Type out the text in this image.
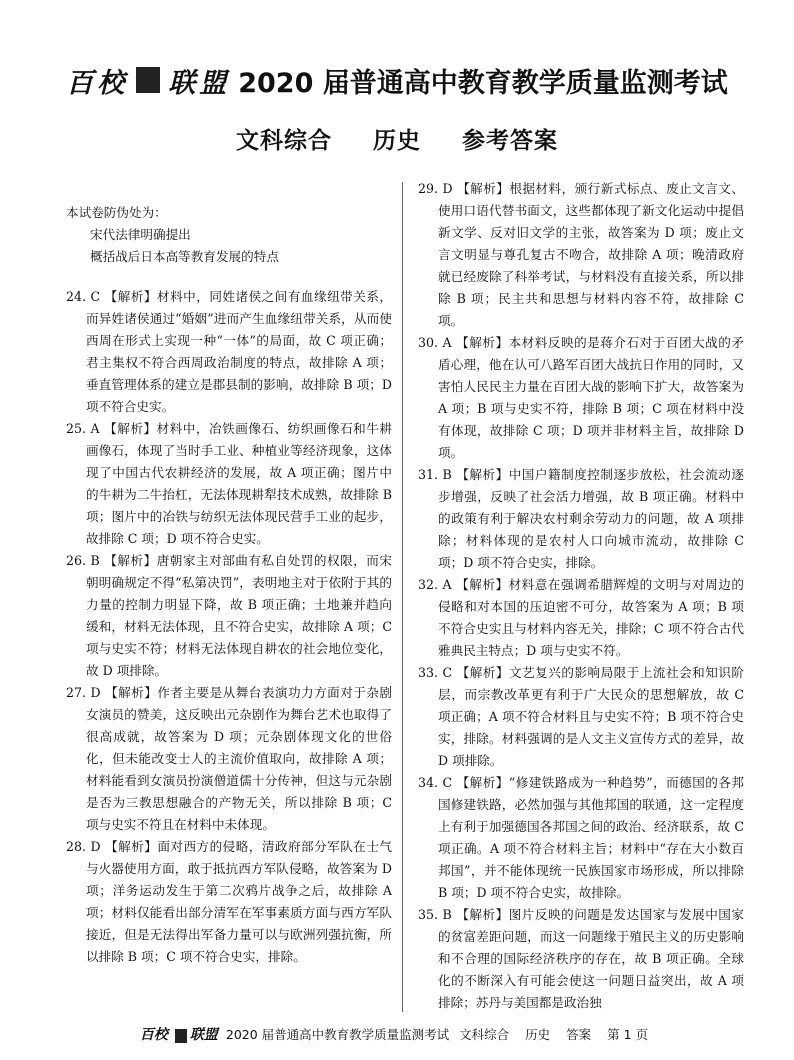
百校 联盟 2020 届普通高中教育教学质量监测考试
文科综合 历史 参考答案
本试卷防伪处为：
宋代法律明确提出
概括战后日本高等教育发展的特点
24. C 【解析】材料中，同姓诸侯之间有血缘纽带关系，而异姓诸侯通过“婚姻”进而产生血缘纽带关系，从而使西周在形式上实现一种“一体”的局面，故 C 项正确；君主集权不符合西周政治制度的特点，故排除 A 项；垂直管理体系的建立是郡县制的影响，故排除 B 项；D 项不符合史实。
25. A 【解析】材料中，冶铁画像石、纺织画像石和牛耕画像石，体现了当时手工业、种植业等经济现象，这体现了中国古代农耕经济的发展，故 A 项正确；图片中的牛耕为二牛抬杠，无法体现耕犁技术成熟，故排除 B 项；图片中的冶铁与纺织无法体现民营手工业的起步，故排除 C 项；D 项不符合史实。
26. B 【解析】唐朝家主对部曲有私自处罚的权限，而宋朝明确规定不得“私第决罚”，表明地主对于依附于其的力量的控制力明显下降，故 B 项正确；土地兼并趋向缓和，材料无法体现，且不符合史实，故排除 A 项；C 项与史实不符；材料无法体现自耕农的社会地位变化，故 D 项排除。
27. D 【解析】作者主要是从舞台表演功力方面对于杂剧女演员的赞美，这反映出元杂剧作为舞台艺术也取得了很高成就，故答案为 D 项；元杂剧体现文化的世俗化，但未能改变士人的主流价值取向，故排除 A 项；材料能看到女演员扮演僧道儒十分传神，但这与元杂剧是否为三教思想融合的产物无关，所以排除 B 项；C 项与史实不符且在材料中未体现。
28. D 【解析】面对西方的侵略，清政府部分军队在士气与火器使用方面，敢于抵抗西方军队侵略，故答案为 D 项；洋务运动发生于第二次鸦片战争之后，故排除 A 项；材料仅能看出部分清军在军事素质方面与西方军队接近，但是无法得出军备力量可以与欧洲列强抗衡，所以排除 B 项；C 项不符合史实，排除。
29. D 【解析】根据材料，颁行新式标点、废止文言文、使用口语代替书面文，这些都体现了新文化运动中提倡新文学、反对旧文学的主张，故答案为 D 项；废止文言文明显与尊孔复古不吻合，故排除 A 项；晚清政府就已经废除了科举考试，与材料没有直接关系，所以排除 B 项；民主共和思想与材料内容不符，故排除 C 项。
30. A 【解析】本材料反映的是蒋介石对于百团大战的矛盾心理，他在认可八路军百团大战抗日作用的同时，又害怕人民民主力量在百团大战的影响下扩大，故答案为 A 项；B 项与史实不符，排除 B 项；C 项在材料中没有体现，故排除 C 项；D 项并非材料主旨，故排除 D 项。
31. B 【解析】中国户籍制度控制逐步放松，社会流动逐步增强，反映了社会活力增强，故 B 项正确。材料中的政策有利于解决农村剩余劳动力的问题，故 A 项排除；材料体现的是农村人口向城市流动，故排除 C 项；D 项不符合史实，排除。
32. A 【解析】材料意在强调希腊辉煌的文明与对周边的侵略和对本国的压迫密不可分，故答案为 A 项；B 项不符合史实且与材料内容无关，排除；C 项不符合古代雅典民主特点；D 项与史实不符。
33. C 【解析】文艺复兴的影响局限于上流社会和知识阶层，而宗教改革更有利于广大民众的思想解放，故 C 项正确；A 项不符合材料且与史实不符；B 项不符合史实，排除。材料强调的是人文主义宣传方式的差异，故 D 项排除。
34. C 【解析】“修建铁路成为一种趋势”，而德国的各邦国修建铁路，必然加强与其他邦国的联通，这一定程度上有利于加强德国各邦国之间的政治、经济联系，故 C 项正确。A 项不符合材料主旨；材料中“存在大小数百邦国”，并不能体现统一民族国家市场形成，所以排除 B 项；D 项不符合史实，故排除。
35. B 【解析】图片反映的问题是发达国家与发展中国家的贫富差距问题，而这一问题缘于殖民主义的历史影响和不合理的国际经济秩序的存在，故 B 项正确。全球化的不断深入有可能会使这一问题日益突出，故 A 项排除；苏丹与美国都是政治独
百校 联盟 2020 届普通高中教育教学质量监测考试 文科综合 历史 答案 第 1 页
